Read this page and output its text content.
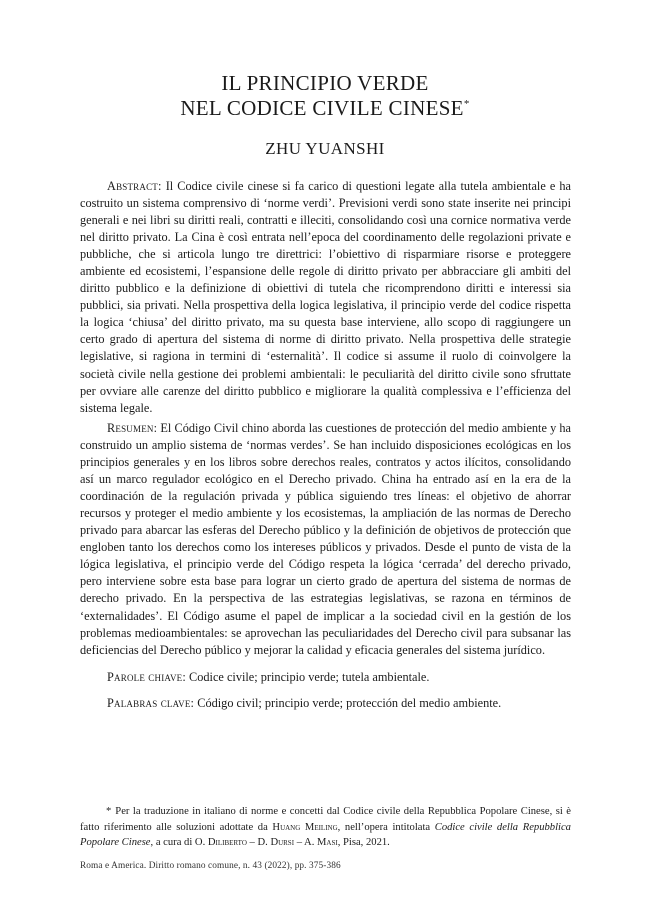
IL PRINCIPIO VERDE
NEL CODICE CIVILE CINESE*
ZHU YUANSHI

Abstract: Il Codice civile cinese si fa carico di questioni legate alla tutela ambientale e ha costruito un sistema comprensivo di ‘norme verdi’. Previsioni verdi sono state inserite nei principi generali e nei libri su diritti reali, contratti e illeciti, consolidando così una cornice normativa verde nel diritto privato. La Cina è così entrata nell’epoca del coordinamento delle regolazioni private e pubbliche, che si articola lungo tre direttrici: l’obiettivo di risparmiare risorse e proteggere ambiente ed ecosistemi, l’espansione delle regole di diritto privato per abbracciare gli ambiti del diritto pubblico e la definizione di obiettivi di tutela che ricomprendono diritti e interessi sia pubblici, sia privati. Nella prospettiva della logica legislativa, il principio verde del codice rispetta la logica ‘chiusa’ del diritto privato, ma su questa base interviene, allo scopo di raggiungere un certo grado di apertura del sistema di norme di diritto privato. Nella prospettiva delle strategie legislative, si ragiona in termini di ‘esternalità’. Il codice si assume il ruolo di coinvolgere la società civile nella gestione dei problemi ambientali: le peculiarità del diritto civile sono sfruttate per ovviare alle carenze del diritto pubblico e migliorare la qualità complessiva e l’efficienza del sistema legale.

Resumen: El Código Civil chino aborda las cuestiones de protección del medio ambiente y ha construido un amplio sistema de ‘normas verdes’. Se han incluido disposiciones ecológicas en los principios generales y en los libros sobre derechos reales, contratos y actos ilícitos, consolidando así un marco regulador ecológico en el Derecho privado. China ha entrado así en la era de la coordinación de la regulación privada y pública siguiendo tres líneas: el objetivo de ahorrar recursos y proteger el medio ambiente y los ecosistemas, la ampliación de las normas de Derecho privado para abarcar las esferas del Derecho público y la definición de objetivos de protección que engloben tanto los derechos como los intereses públicos y privados. Desde el punto de vista de la lógica legislativa, el principio verde del Código respeta la lógica ‘cerrada’ del derecho privado, pero interviene sobre esta base para lograr un cierto grado de apertura del sistema de normas de derecho privado. En la perspectiva de las estrategias legislativas, se razona en términos de ‘externalidades’. El Código asume el papel de implicar a la sociedad civil en la gestión de los problemas medioambientales: se aprovechan las peculiaridades del Derecho civil para subsanar las deficiencias del Derecho público y mejorar la calidad y eficacia generales del sistema jurídico.

Parole chiave: Codice civile; principio verde; tutela ambientale.

Palabras clave: Código civil; principio verde; protección del medio ambiente.

* Per la traduzione in italiano di norme e concetti dal Codice civile della Repubblica Popolare Cinese, si è fatto riferimento alle soluzioni adottate da Huang Meiling, nell’opera intitolata Codice civile della Repubblica Popolare Cinese, a cura di O. Diliberto – D. Dursi – A. Masi, Pisa, 2021.

Roma e America. Diritto romano comune, n. 43 (2022), pp. 375-386
